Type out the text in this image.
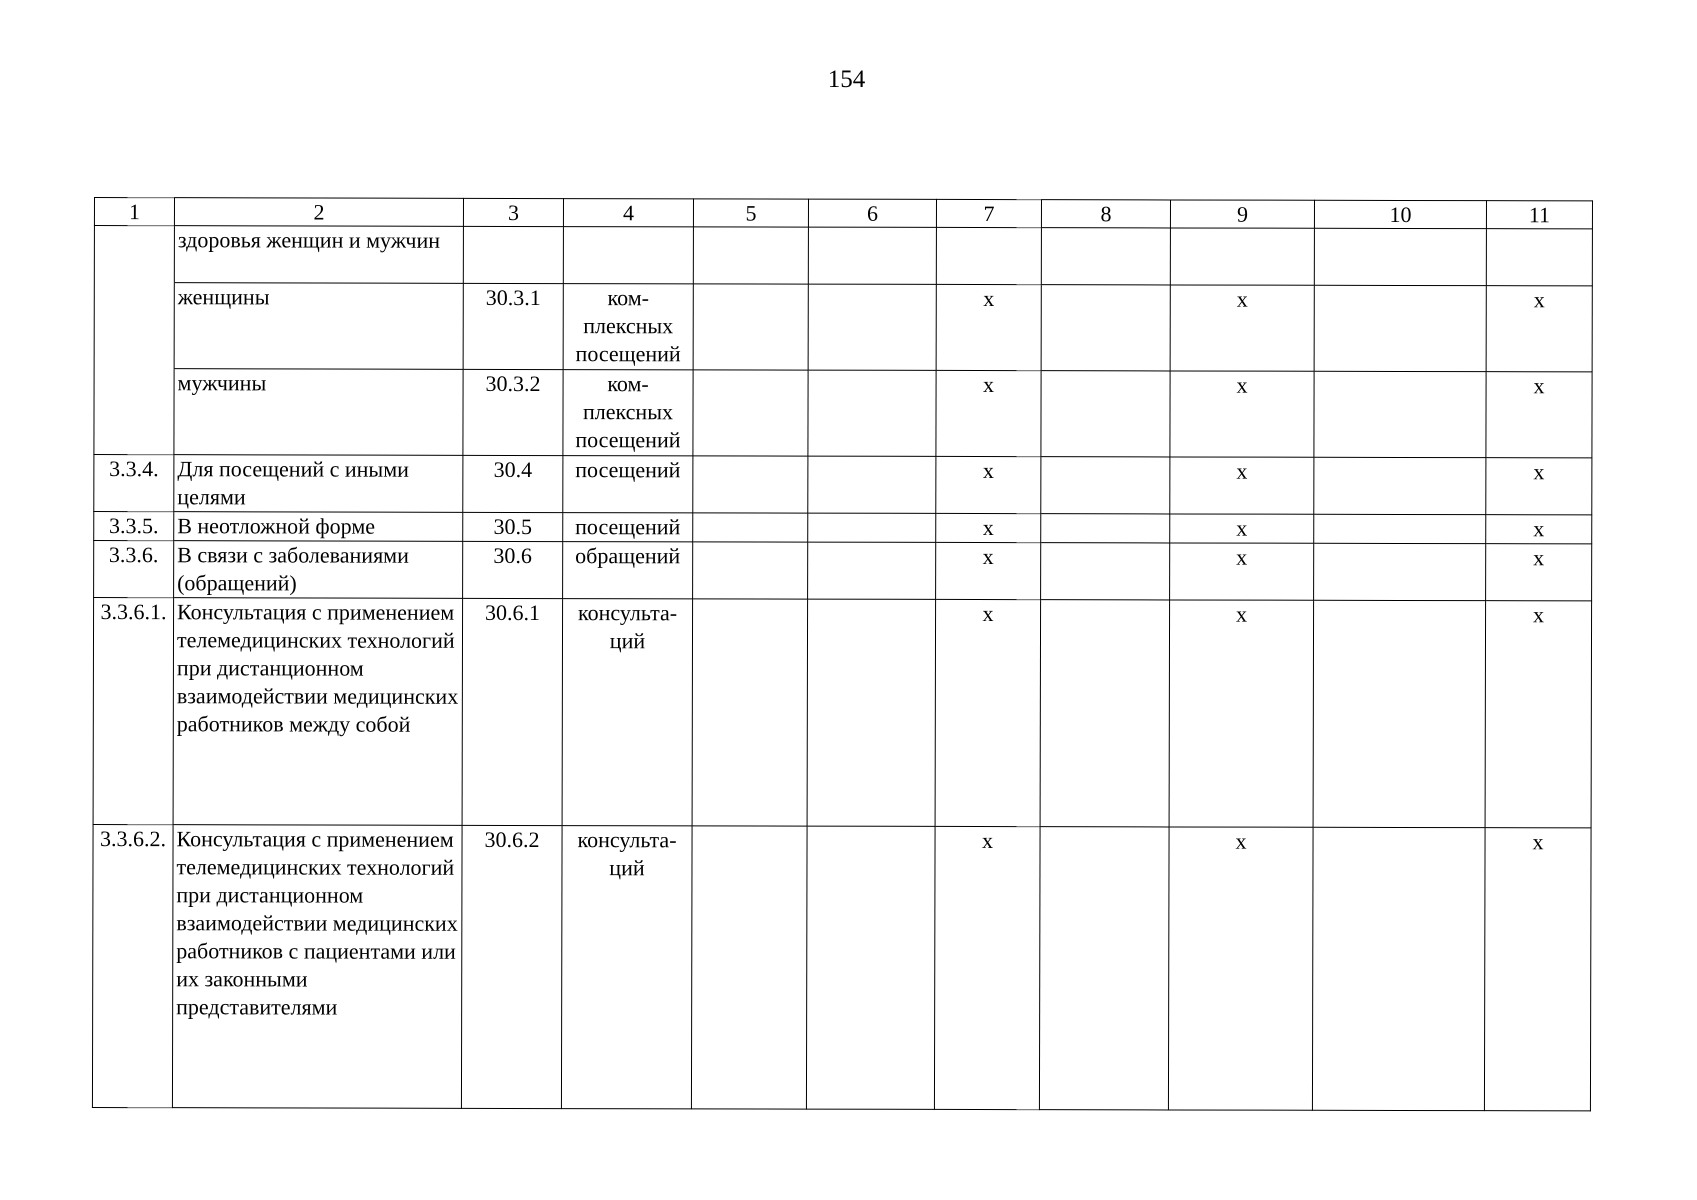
154
1	2	3	4	5	6	7	8	9	10	11
	здоровья женщин и мужчин									
	женщины	30.3.1	ком-плексных посещений			x		x		x
	мужчины	30.3.2	ком-плексных посещений			x		x		x
3.3.4.	Для посещений с иными целями	30.4	посещений			x		x		x
3.3.5.	В неотложной форме	30.5	посещений			x		x		x
3.3.6.	В связи с заболеваниями (обращений)	30.6	обращений			x		x		x
3.3.6.1.	Консультация с применением телемедицинских технологий при дистанционном взаимодействии медицинских работников между собой	30.6.1	консульта-ций			x		x		x
3.3.6.2.	Консультация с применением телемедицинских технологий при дистанционном взаимодействии медицинских работников с пациентами или их законными представителями	30.6.2	консульта-ций			x		x		x
